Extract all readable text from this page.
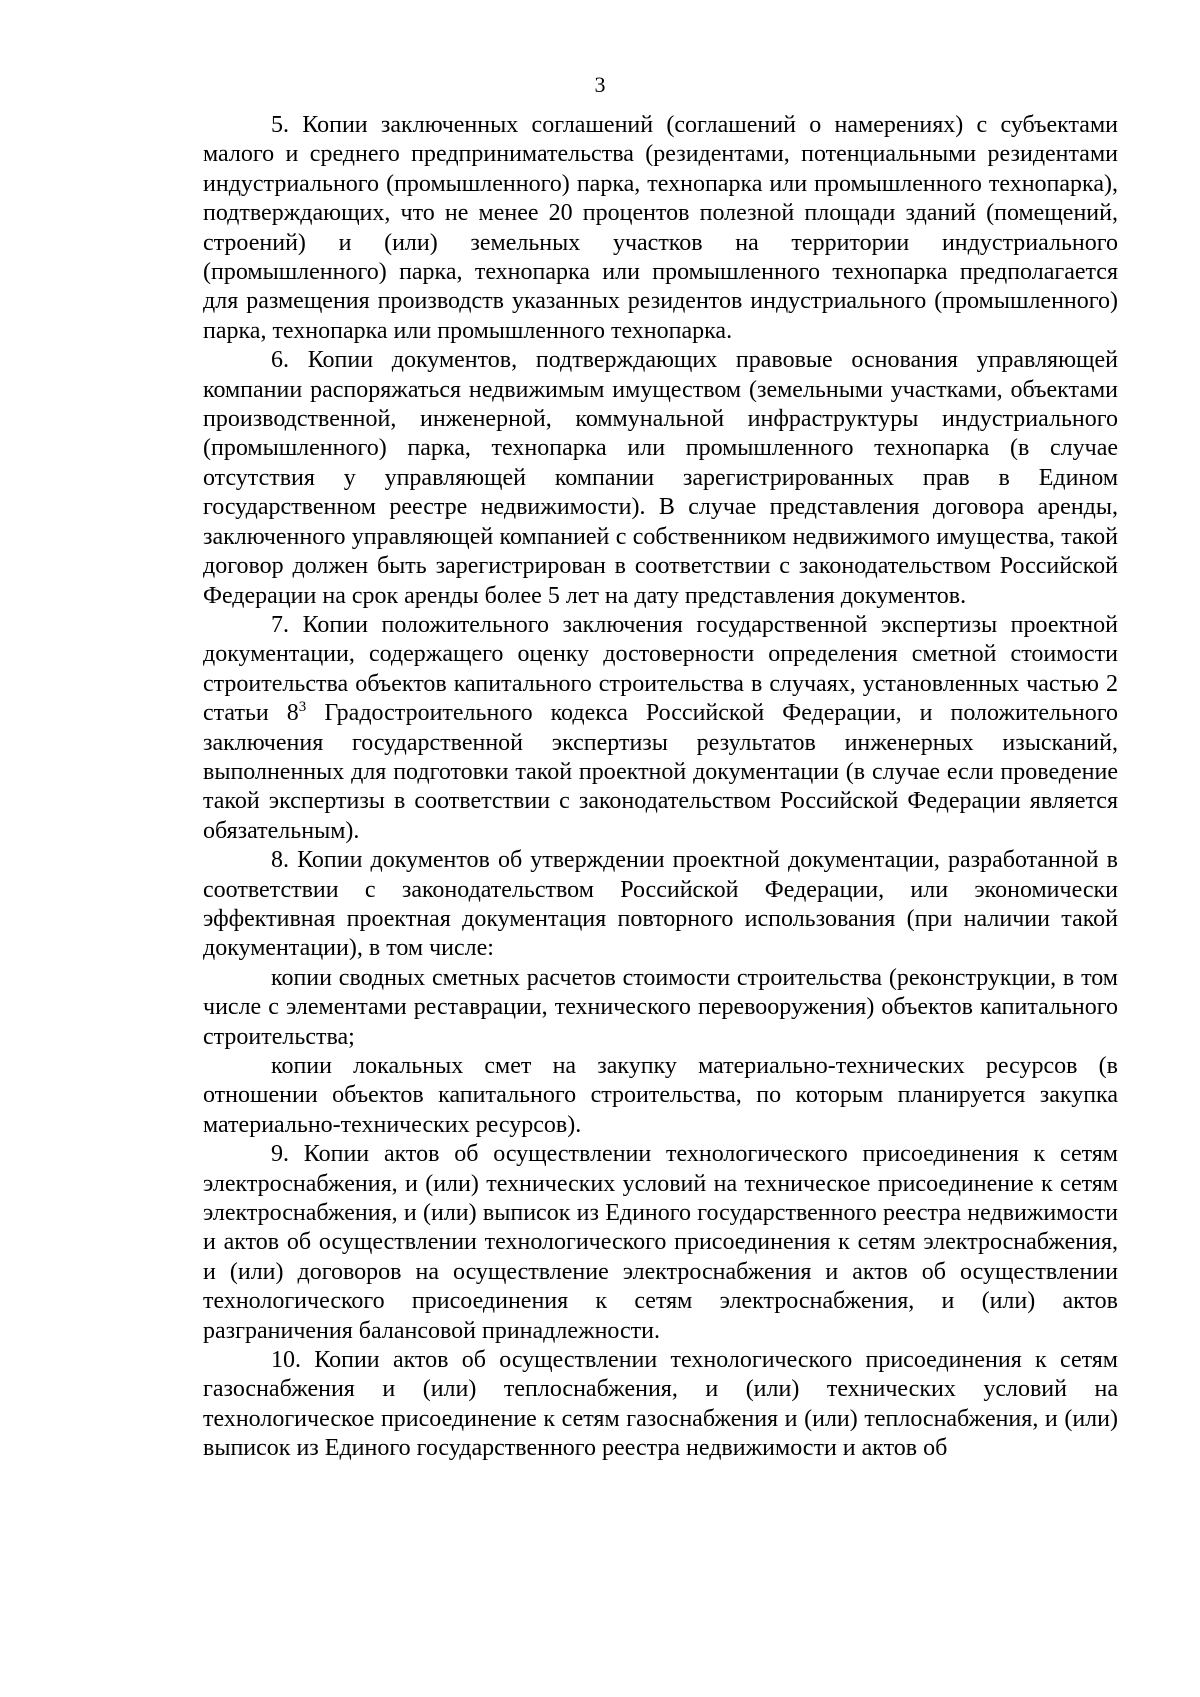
3

5. Копии заключенных соглашений (соглашений о намерениях) с субъектами малого и среднего предпринимательства (резидентами, потенциальными резидентами индустриального (промышленного) парка, технопарка или промышленного технопарка), подтверждающих, что не менее 20 процентов полезной площади зданий (помещений, строений) и (или) земельных участков на территории индустриального (промышленного) парка, технопарка или промышленного технопарка предполагается для размещения производств указанных резидентов индустриального (промышленного) парка, технопарка или промышленного технопарка.

6. Копии документов, подтверждающих правовые основания управляющей компании распоряжаться недвижимым имуществом (земельными участками, объектами производственной, инженерной, коммунальной инфраструктуры индустриального (промышленного) парка, технопарка или промышленного технопарка (в случае отсутствия у управляющей компании зарегистрированных прав в Едином государственном реестре недвижимости). В случае представления договора аренды, заключенного управляющей компанией с собственником недвижимого имущества, такой договор должен быть зарегистрирован в соответствии с законодательством Российской Федерации на срок аренды более 5 лет на дату представления документов.

7. Копии положительного заключения государственной экспертизы проектной документации, содержащего оценку достоверности определения сметной стоимости строительства объектов капитального строительства в случаях, установленных частью 2 статьи $8^3$ Градостроительного кодекса Российской Федерации, и положительного заключения государственной экспертизы результатов инженерных изысканий, выполненных для подготовки такой проектной документации (в случае если проведение такой экспертизы в соответствии с законодательством Российской Федерации является обязательным).

8. Копии документов об утверждении проектной документации, разработанной в соответствии с законодательством Российской Федерации, или экономически эффективная проектная документация повторного использования (при наличии такой документации), в том числе:

копии сводных сметных расчетов стоимости строительства (реконструкции, в том числе с элементами реставрации, технического перевооружения) объектов капитального строительства;

копии локальных смет на закупку материально-технических ресурсов (в отношении объектов капитального строительства, по которым планируется закупка материально-технических ресурсов).

9. Копии актов об осуществлении технологического присоединения к сетям электроснабжения, и (или) технических условий на техническое присоединение к сетям электроснабжения, и (или) выписок из Единого государственного реестра недвижимости и актов об осуществлении технологического присоединения к сетям электроснабжения, и (или) договоров на осуществление электроснабжения и актов об осуществлении технологического присоединения к сетям электроснабжения, и (или) актов разграничения балансовой принадлежности.

10. Копии актов об осуществлении технологического присоединения к сетям газоснабжения и (или) теплоснабжения, и (или) технических условий на технологическое присоединение к сетям газоснабжения и (или) теплоснабжения, и (или) выписок из Единого государственного реестра недвижимости и актов об
